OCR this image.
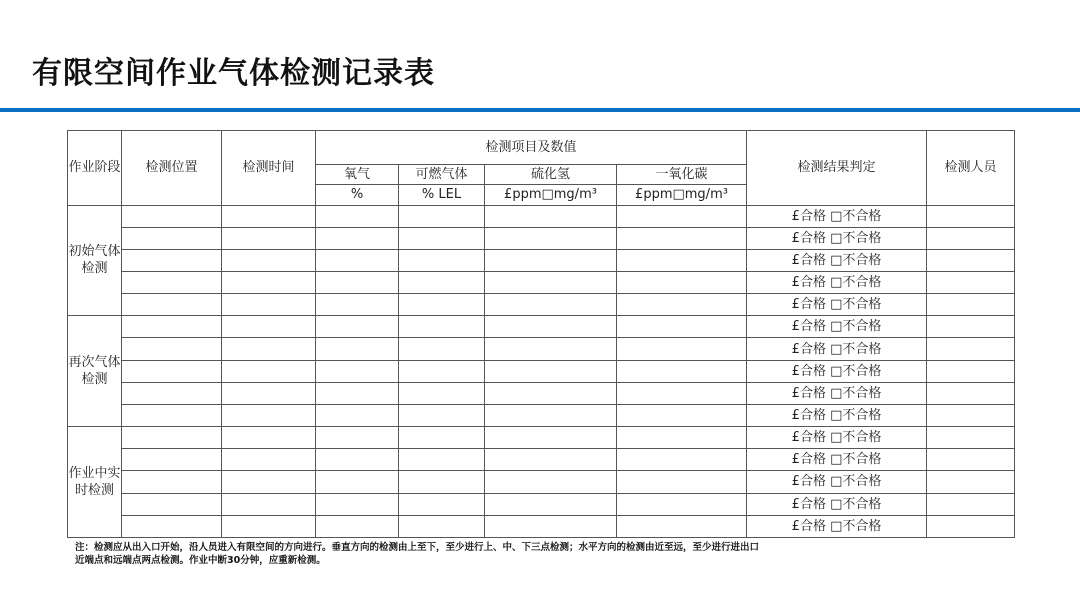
有限空间作业气体检测记录表
作业阶段	检测位置	检测时间	检测项目及数值				检测结果判定	检测人员
			氧气	可燃气体	硫化氢	一氧化碳		
			%	% LEL	£ppm□mg/m³	£ppm□mg/m³		
初始气体检测							£合格 □不合格	
							£合格 □不合格	
							£合格 □不合格	
							£合格 □不合格	
							£合格 □不合格	
再次气体检测							£合格 □不合格	
							£合格 □不合格	
							£合格 □不合格	
							£合格 □不合格	
							£合格 □不合格	
作业中实时检测							£合格 □不合格	
							£合格 □不合格	
							£合格 □不合格	
							£合格 □不合格	
							£合格 □不合格	
注：检测应从出入口开始，沿人员进入有限空间的方向进行。垂直方向的检测由上至下，至少进行上、中、下三点检测；水平方向的检测由近至远，至少进行进出口
近端点和远端点两点检测。作业中断30分钟，应重新检测。
